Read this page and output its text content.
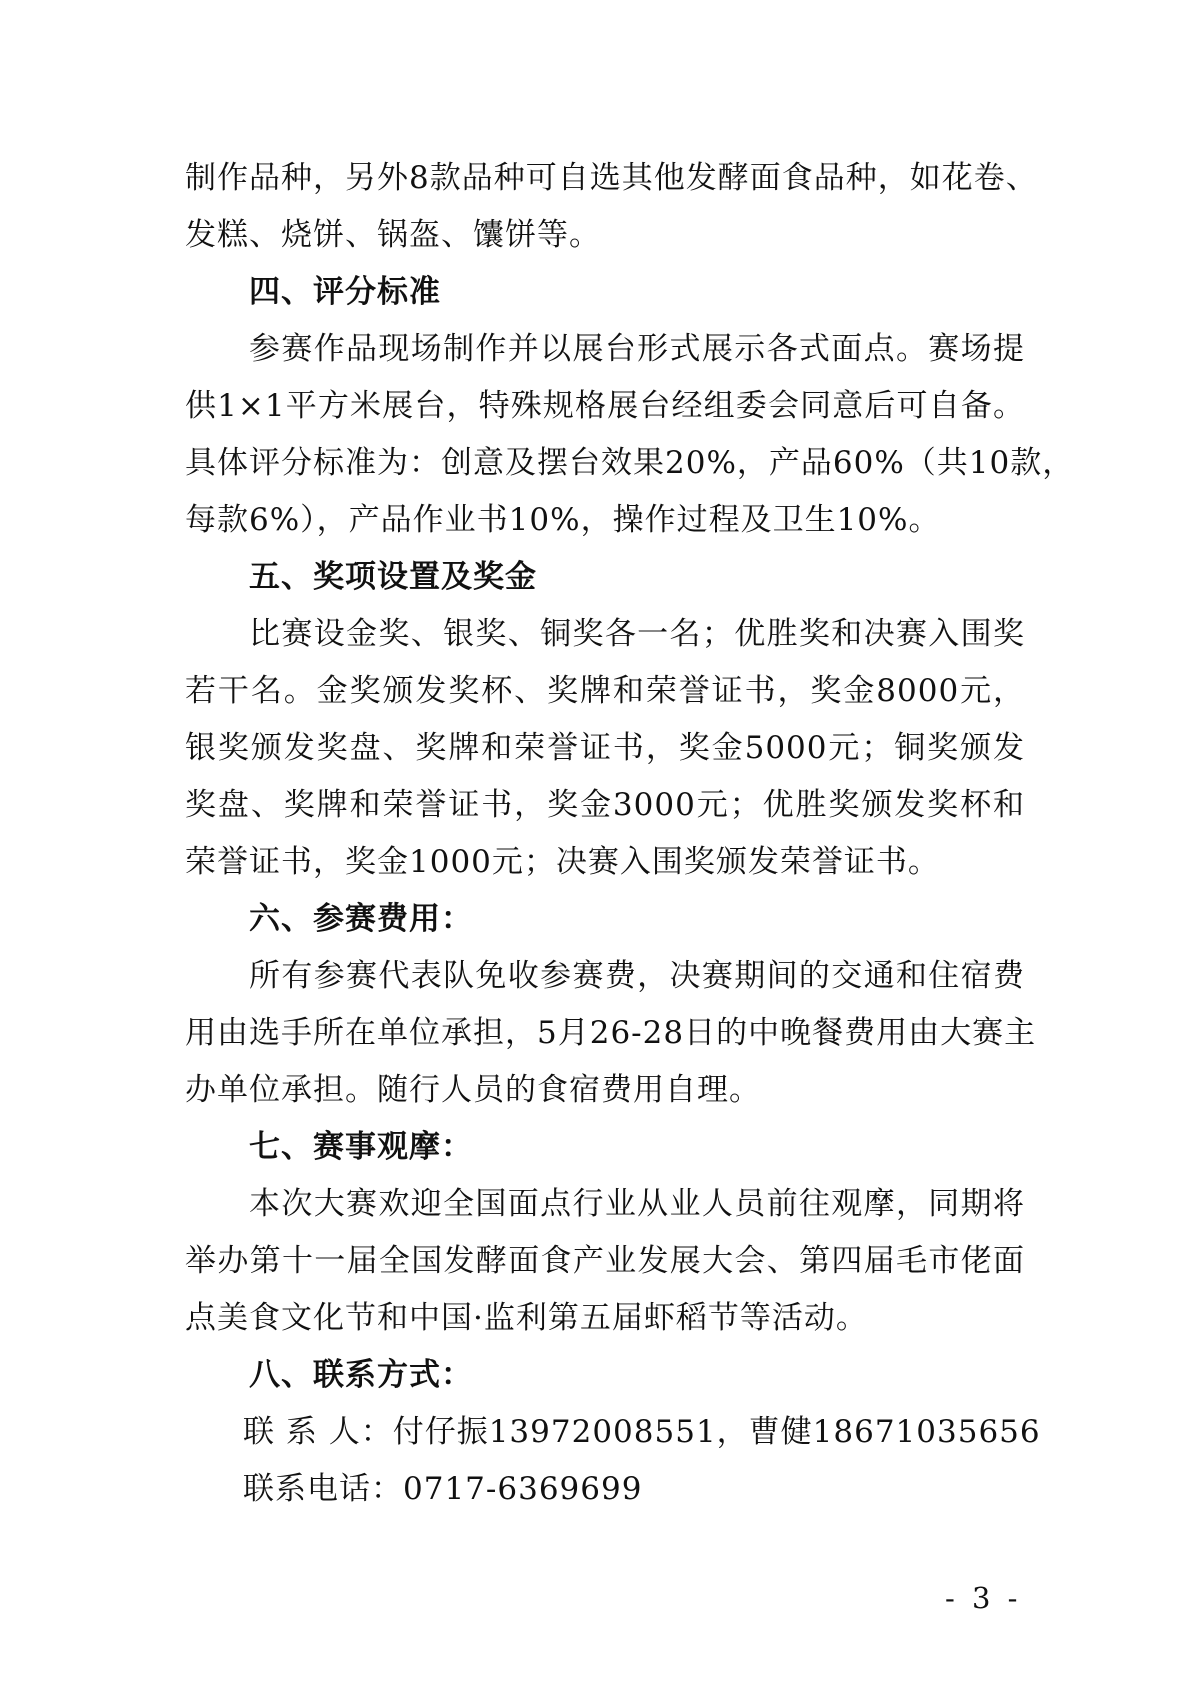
制作品种，另外8款品种可自选其他发酵面食品种，如花卷、
发糕、烧饼、锅盔、馕饼等。
四、评分标准
参赛作品现场制作并以展台形式展示各式面点。赛场提
供1×1平方米展台，特殊规格展台经组委会同意后可自备。
具体评分标准为：创意及摆台效果20%，产品60%（共10款，
每款6%），产品作业书10%，操作过程及卫生10%。
五、奖项设置及奖金
比赛设金奖、银奖、铜奖各一名；优胜奖和决赛入围奖
若干名。金奖颁发奖杯、奖牌和荣誉证书，奖金8000元，
银奖颁发奖盘、奖牌和荣誉证书，奖金5000元；铜奖颁发
奖盘、奖牌和荣誉证书，奖金3000元；优胜奖颁发奖杯和
荣誉证书，奖金1000元；决赛入围奖颁发荣誉证书。
六、参赛费用：
所有参赛代表队免收参赛费，决赛期间的交通和住宿费
用由选手所在单位承担，5月26-28日的中晚餐费用由大赛主
办单位承担。随行人员的食宿费用自理。
七、赛事观摩：
本次大赛欢迎全国面点行业从业人员前往观摩，同期将
举办第十一届全国发酵面食产业发展大会、第四届毛市佬面
点美食文化节和中国·监利第五届虾稻节等活动。
八、联系方式：
联 系 人：付仔振13972008551，曹健18671035656
联系电话：0717-6369699
- 3 -
